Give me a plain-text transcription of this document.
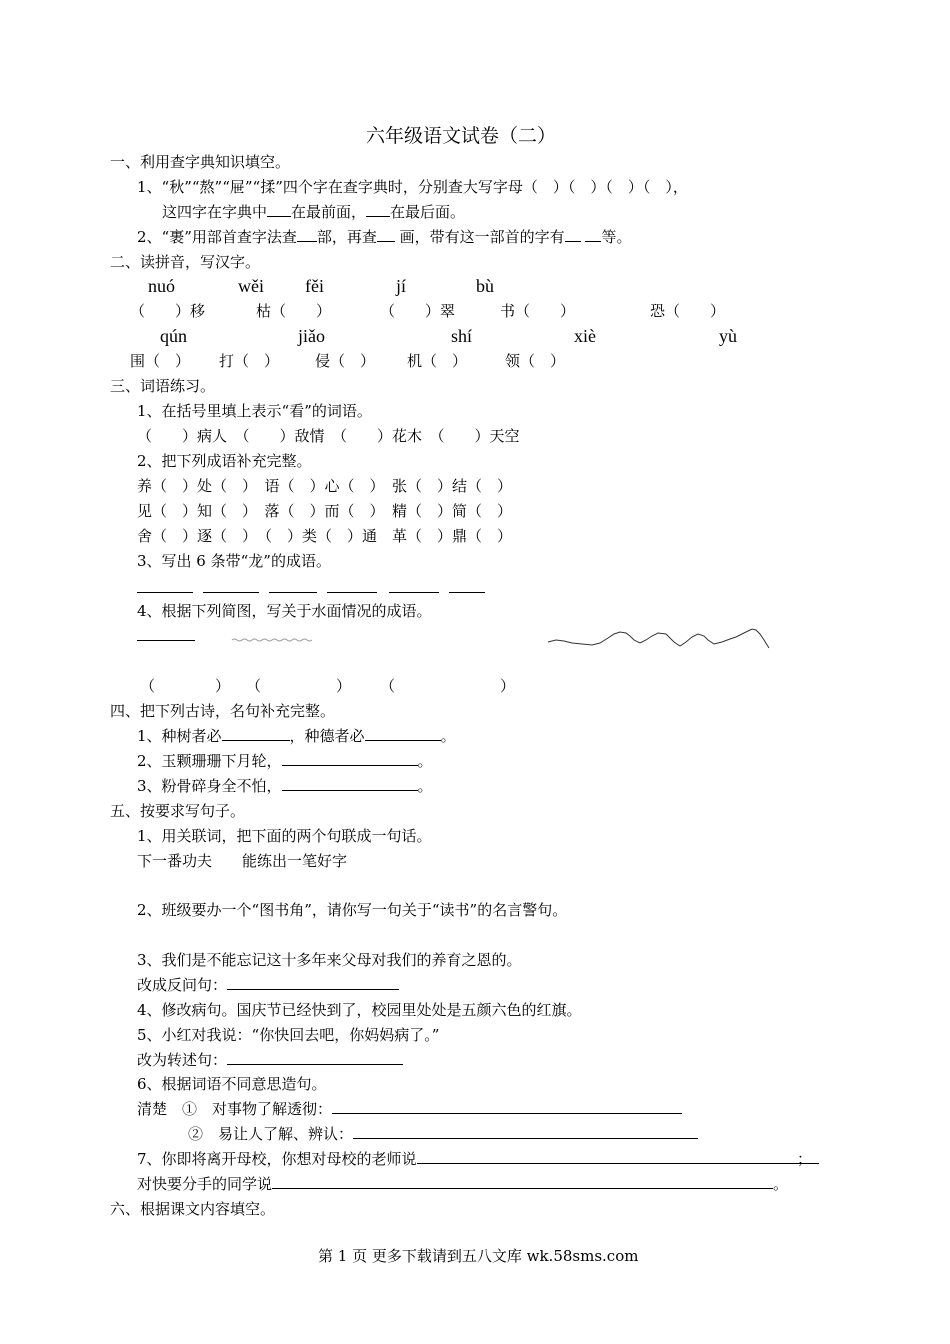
六年级语文试卷（二）
一、利用查字典知识填空。
1、“秋”“熬”“屉”“揉”四个字在查字典时，分别查大写字母（　）（　）（　）（　），
这四字在字典中 在最前面， 在最后面。
2、“裹”用部首查字法查 部，再查 画，带有这一部首的字有 等。
二、读拼音，写汉字。
nuó	wěi fěi	jí	bù
（　　）移	枯（　　）	（　　）翠	书（　　）	恐（　　）
qún	jiǎo	shí	xiè	yù
围（　） 打（　） 侵（　） 机（　）	领（　）
三、词语练习。
1、在括号里填上表示“看”的词语。
（　　）病人　（　　）敌情　（　　）花木　（　　）天空
2、把下列成语补充完整。
养（　）处（　）　语（　）心（　）　张（　）结（　）
见（　）知（　）　落（　）而（　）　精（　）简（　）
舍（　）逐（　）　（　）类（　）通　革（　）鼎（　）
3、写出 6 条带“龙”的成语。
4、根据下列简图，写关于水面情况的成语。
（　　　　） （　　　　　） （　　　　　　　）
四、把下列古诗，名句补充完整。
1、种树者必	，种德者必	。
2、玉颗珊珊下月轮，	。
3、粉骨碎身全不怕，	。
五、按要求写句子。
1、用关联词，把下面的两个句联成一句话。
下一番功夫　　能练出一笔好字
2、班级要办一个“图书角”，请你写一句关于“读书”的名言警句。
3、我们是不能忘记这十多年来父母对我们的养育之恩的。
改成反问句：
4、修改病句。国庆节已经快到了，校园里处处是五颜六色的红旗。
5、小红对我说：“你快回去吧，你妈妈病了。”
改为转述句：
6、根据词语不同意思造句。
清楚　①　对事物了解透彻：
②　易让人了解、辨认：
7、你即将离开母校，你想对母校的老师说	；
对快要分手的同学说	。
六、根据课文内容填空。
第 1 页 更多下载请到五八文库 wk.58sms.com
